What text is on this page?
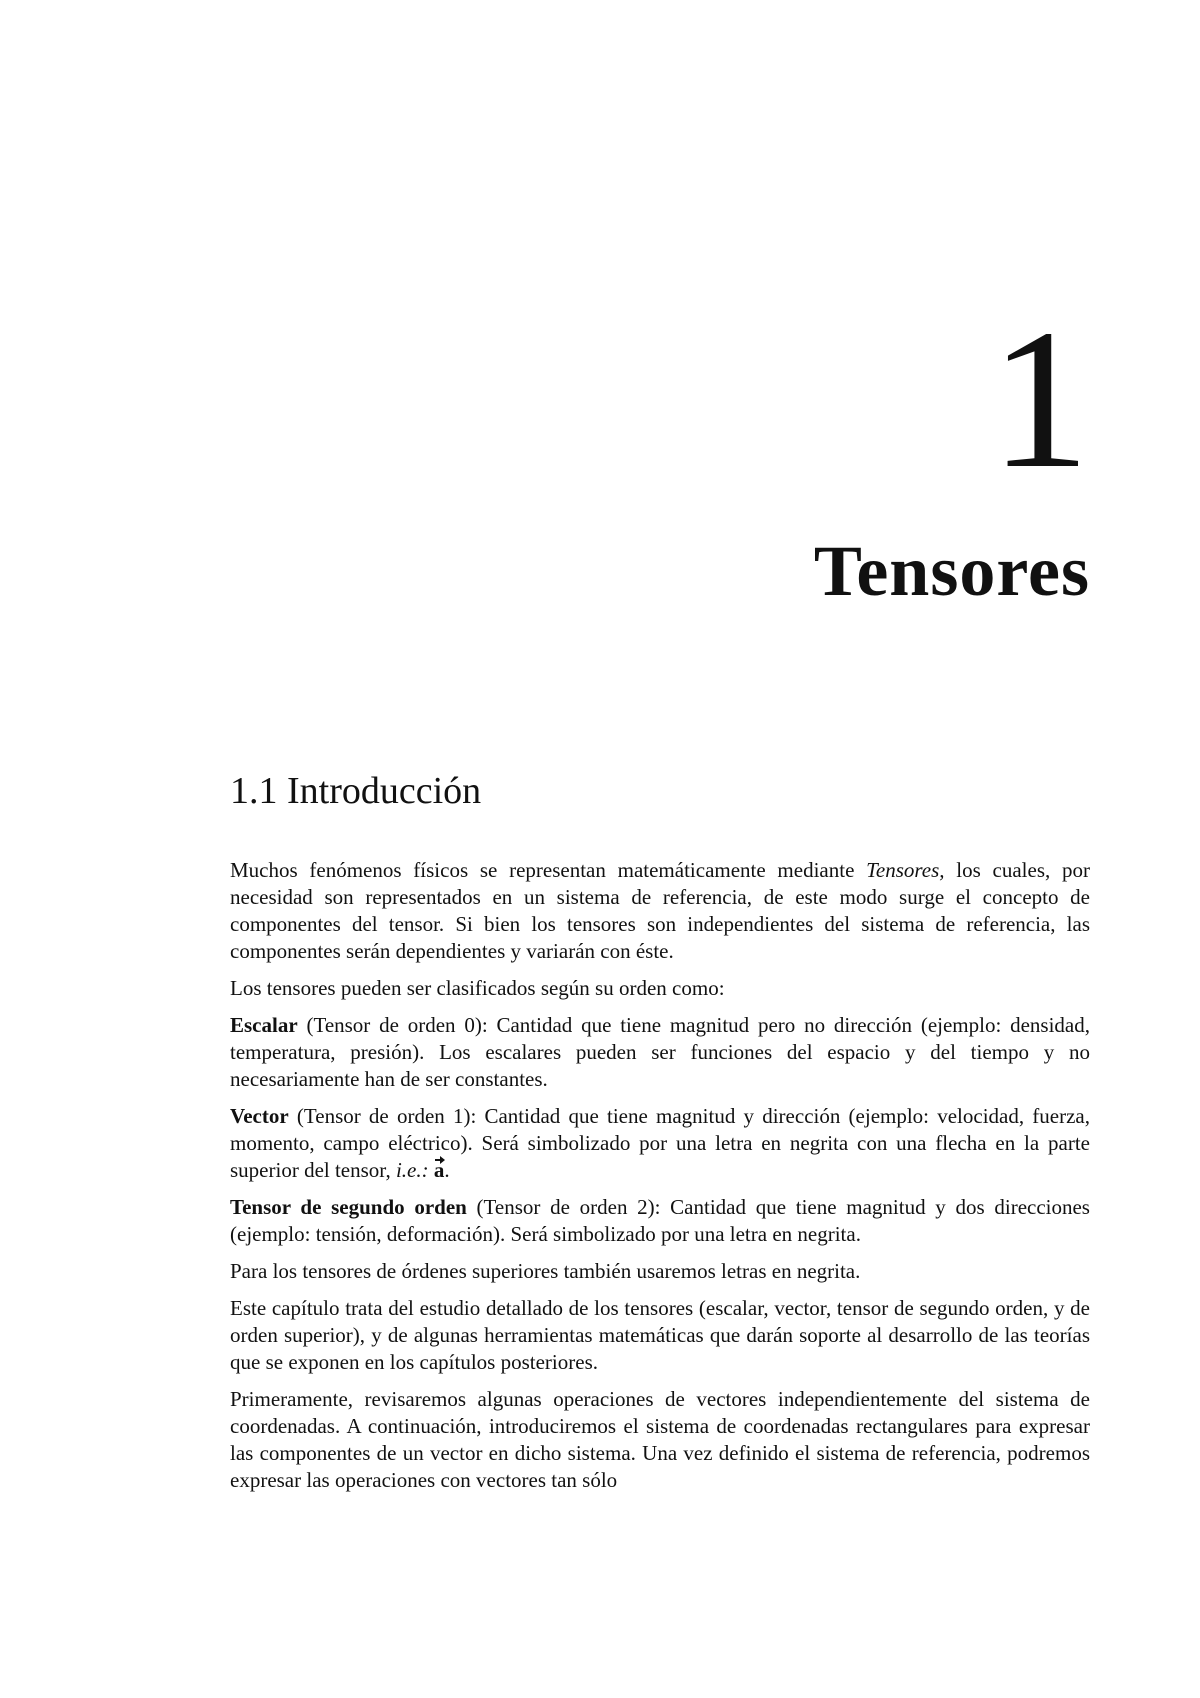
1
Tensores
1.1 Introducción

Muchos fenómenos físicos se representan matemáticamente mediante Tensores, los cuales, por necesidad son representados en un sistema de referencia, de este modo surge el concepto de componentes del tensor. Si bien los tensores son independientes del sistema de referencia, las componentes serán dependientes y variarán con éste.

Los tensores pueden ser clasificados según su orden como:

Escalar (Tensor de orden 0): Cantidad que tiene magnitud pero no dirección (ejemplo: densidad, temperatura, presión). Los escalares pueden ser funciones del espacio y del tiempo y no necesariamente han de ser constantes.

Vector (Tensor de orden 1): Cantidad que tiene magnitud y dirección (ejemplo: velocidad, fuerza, momento, campo eléctrico). Será simbolizado por una letra en negrita con una flecha en la parte superior del tensor, i.e.: a.

Tensor de segundo orden (Tensor de orden 2): Cantidad que tiene magnitud y dos direcciones (ejemplo: tensión, deformación). Será simbolizado por una letra en negrita.

Para los tensores de órdenes superiores también usaremos letras en negrita.

Este capítulo trata del estudio detallado de los tensores (escalar, vector, tensor de segundo orden, y de orden superior), y de algunas herramientas matemáticas que darán soporte al desarrollo de las teorías que se exponen en los capítulos posteriores.

Primeramente, revisaremos algunas operaciones de vectores independientemente del sistema de coordenadas. A continuación, introduciremos el sistema de coordenadas rectangulares para expresar las componentes de un vector en dicho sistema. Una vez definido el sistema de referencia, podremos expresar las operaciones con vectores tan sólo
